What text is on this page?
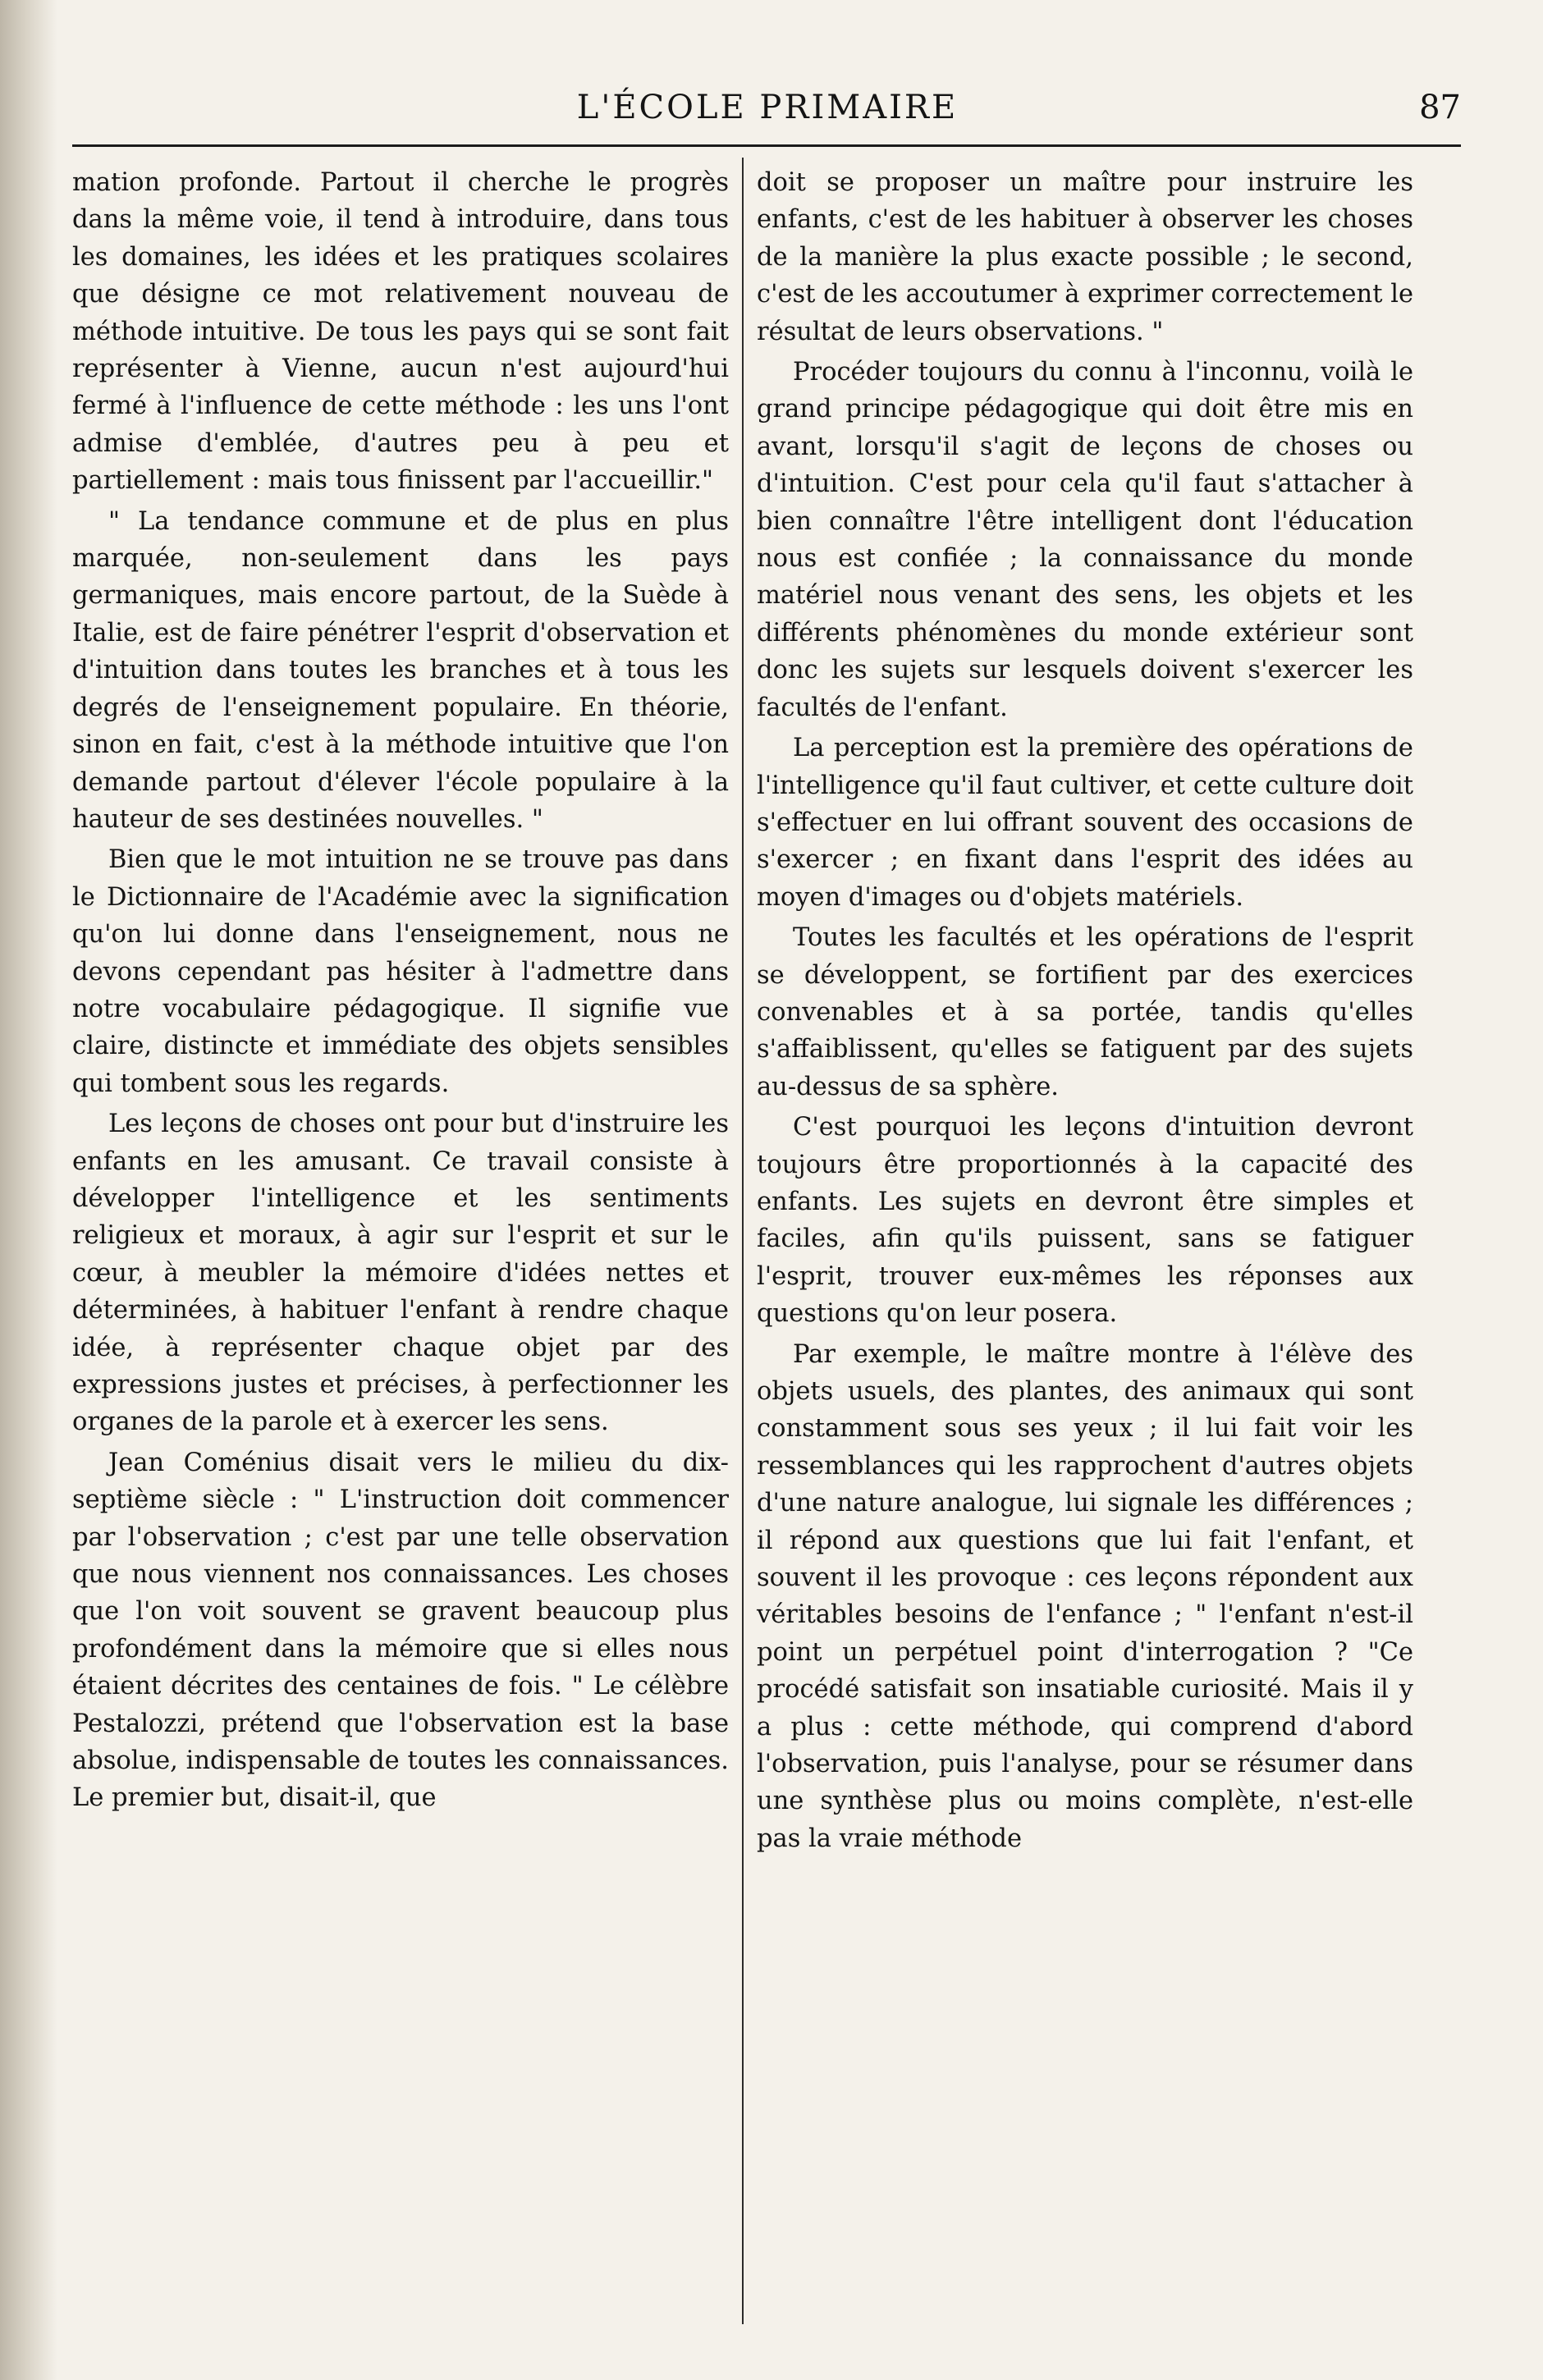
L'ÉCOLE PRIMAIRE	87

mation profonde. Partout il cherche le progrès dans la même voie, il tend à introduire, dans tous les domaines, les idées et les pratiques scolaires que désigne ce mot relativement nouveau de méthode intuitive. De tous les pays qui se sont fait représenter à Vienne, aucun n'est aujourd'hui fermé à l'influence de cette méthode : les uns l'ont admise d'emblée, d'autres peu à peu et partiellement : mais tous finissent par l'accueillir."

" La tendance commune et de plus en plus marquée, non-seulement dans les pays germaniques, mais encore partout, de la Suède à Italie, est de faire pénétrer l'esprit d'observation et d'intuition dans toutes les branches et à tous les degrés de l'enseignement populaire. En théorie, sinon en fait, c'est à la méthode intuitive que l'on demande partout d'élever l'école populaire à la hauteur de ses destinées nouvelles. "

Bien que le mot intuition ne se trouve pas dans le Dictionnaire de l'Académie avec la signification qu'on lui donne dans l'enseignement, nous ne devons cependant pas hésiter à l'admettre dans notre vocabulaire pédagogique. Il signifie vue claire, distincte et immédiate des objets sensibles qui tombent sous les regards.

Les leçons de choses ont pour but d'instruire les enfants en les amusant. Ce travail consiste à développer l'intelligence et les sentiments religieux et moraux, à agir sur l'esprit et sur le cœur, à meubler la mémoire d'idées nettes et déterminées, à habituer l'enfant à rendre chaque idée, à représenter chaque objet par des expressions justes et précises, à perfectionner les organes de la parole et à exercer les sens.

Jean Coménius disait vers le milieu du dix-septième siècle : " L'instruction doit commencer par l'observation ; c'est par une telle observation que nous viennent nos connaissances. Les choses que l'on voit souvent se gravent beaucoup plus profondément dans la mémoire que si elles nous étaient décrites des centaines de fois. " Le célèbre Pestalozzi, prétend que l'observation est la base absolue, indispensable de toutes les connaissances. Le premier but, disait-il, que

doit se proposer un maître pour instruire les enfants, c'est de les habituer à observer les choses de la manière la plus exacte possible ; le second, c'est de les accoutumer à exprimer correctement le résultat de leurs observations. "

Procéder toujours du connu à l'inconnu, voilà le grand principe pédagogique qui doit être mis en avant, lorsqu'il s'agit de leçons de choses ou d'intuition. C'est pour cela qu'il faut s'attacher à bien connaître l'être intelligent dont l'éducation nous est confiée ; la connaissance du monde matériel nous venant des sens, les objets et les différents phénomènes du monde extérieur sont donc les sujets sur lesquels doivent s'exercer les facultés de l'enfant.

La perception est la première des opérations de l'intelligence qu'il faut cultiver, et cette culture doit s'effectuer en lui offrant souvent des occasions de s'exercer ; en fixant dans l'esprit des idées au moyen d'images ou d'objets matériels.

Toutes les facultés et les opérations de l'esprit se développent, se fortifient par des exercices convenables et à sa portée, tandis qu'elles s'affaiblissent, qu'elles se fatiguent par des sujets au-dessus de sa sphère.

C'est pourquoi les leçons d'intuition devront toujours être proportionnés à la capacité des enfants. Les sujets en devront être simples et faciles, afin qu'ils puissent, sans se fatiguer l'esprit, trouver eux-mêmes les réponses aux questions qu'on leur posera.

Par exemple, le maître montre à l'élève des objets usuels, des plantes, des animaux qui sont constamment sous ses yeux ; il lui fait voir les ressemblances qui les rapprochent d'autres objets d'une nature analogue, lui signale les différences ; il répond aux questions que lui fait l'enfant, et souvent il les provoque : ces leçons répondent aux véritables besoins de l'enfance ; " l'enfant n'est-il point un perpétuel point d'interrogation ? "Ce procédé satisfait son insatiable curiosité. Mais il y a plus : cette méthode, qui comprend d'abord l'observation, puis l'analyse, pour se résumer dans une synthèse plus ou moins complète, n'est-elle pas la vraie méthode
